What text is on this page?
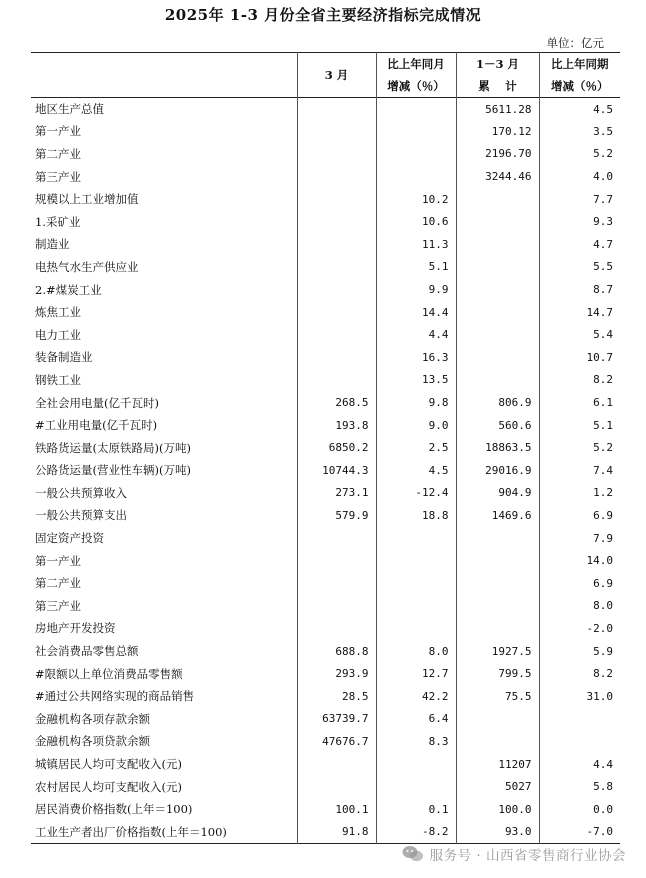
2025年 1-3 月份全省主要经济指标完成情况
单位：亿元
	3 月	比上年同月	1－3 月	比上年同期
		增减（％）	累　 计	增减（％）
地区生产总值			5611.28	4.5
第一产业			170.12	3.5
第二产业			2196.70	5.2
第三产业			3244.46	4.0
规模以上工业增加值		10.2		7.7
1.采矿业		10.6		9.3
制造业		11.3		4.7
电热气水生产供应业		5.1		5.5
2.#煤炭工业		9.9		8.7
炼焦工业		14.4		14.7
电力工业		4.4		5.4
装备制造业		16.3		10.7
钢铁工业		13.5		8.2
全社会用电量(亿千瓦时)	268.5	9.8	806.9	6.1
#工业用电量(亿千瓦时)	193.8	9.0	560.6	5.1
铁路货运量(太原铁路局)(万吨)	6850.2	2.5	18863.5	5.2
公路货运量(营业性车辆)(万吨)	10744.3	4.5	29016.9	7.4
一般公共预算收入	273.1	-12.4	904.9	1.2
一般公共预算支出	579.9	18.8	1469.6	6.9
固定资产投资				7.9
第一产业				14.0
第二产业				6.9
第三产业				8.0
房地产开发投资				-2.0
社会消费品零售总额	688.8	8.0	1927.5	5.9
#限额以上单位消费品零售额	293.9	12.7	799.5	8.2
#通过公共网络实现的商品销售	28.5	42.2	75.5	31.0
金融机构各项存款余额	63739.7	6.4		
金融机构各项贷款余额	47676.7	8.3		
城镇居民人均可支配收入(元)			11207	4.4
农村居民人均可支配收入(元)			5027	5.8
居民消费价格指数(上年＝100)	100.1	0.1	100.0	0.0
工业生产者出厂价格指数(上年＝100)	91.8	-8.2	93.0	-7.0
服务号 · 山西省零售商行业协会
